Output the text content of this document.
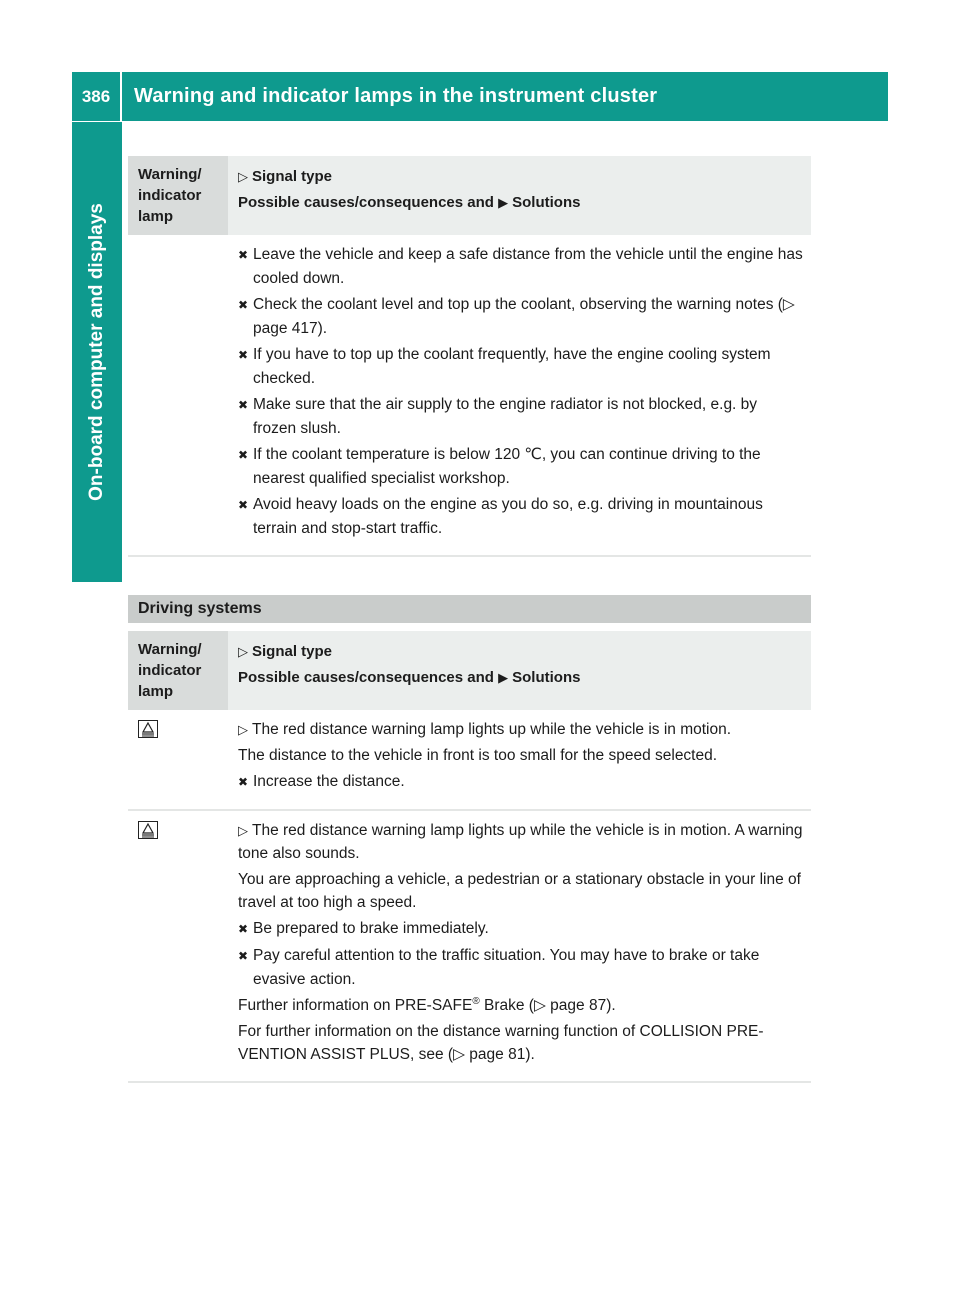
386	Warning and indicator lamps in the instrument cluster
On-board computer and displays
Warning/
indicator
lamp
▷ Signal type
Possible causes/consequences and ▶ Solutions

✖ Leave the vehicle and keep a safe distance from the vehicle until the engine has cooled down.

✖ Check the coolant level and top up the coolant, observing the warning notes (▷ page 417).

✖ If you have to top up the coolant frequently, have the engine cooling system checked.

✖ Make sure that the air supply to the engine radiator is not blocked, e.g. by frozen slush.

✖ If the coolant temperature is below 120 ℃, you can continue driving to the nearest qualified specialist workshop.

✖ Avoid heavy loads on the engine as you do so, e.g. driving in mountainous terrain and stop-start traffic.

Driving systems
Warning/
indicator
lamp
▷ Signal type
Possible causes/consequences and ▶ Solutions

▷ The red distance warning lamp lights up while the vehicle is in motion.

The distance to the vehicle in front is too small for the speed selected.

✖ Increase the distance.

▷ The red distance warning lamp lights up while the vehicle is in motion. A warning tone also sounds.

You are approaching a vehicle, a pedestrian or a stationary obstacle in your line of travel at too high a speed.

✖ Be prepared to brake immediately.

✖ Pay careful attention to the traffic situation. You may have to brake or take evasive action.

Further information on PRE-SAFE® Brake (▷ page 87).

For further information on the distance warning function of COLLISION PRE-VENTION ASSIST PLUS, see (▷ page 81).
